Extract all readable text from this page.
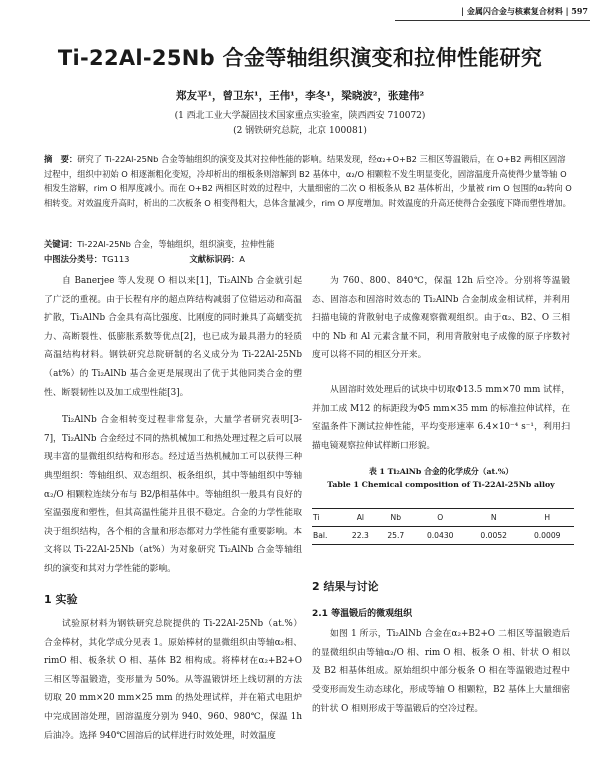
| 金属闪合金与核素复合材料 | 597
Ti-22Al-25Nb 合金等轴组织演变和拉伸性能研究
郑友平¹，曾卫东¹，王伟¹，李冬¹，梁晓波²，张建伟²
(1 西北工业大学凝固技术国家重点实验室，陕西西安 710072)
(2 钢铁研究总院，北京 100081)

摘　要：研究了 Ti-22Al-25Nb 合金等轴组织的演变及其对拉伸性能的影响。结果发现，经α₂+O+B2 三相区等温锻后，在 O+B2 两相区固溶过程中，组织中初始 O 相逐渐粗化变短，冷却析出的细板条则溶解到 B2 基体中，α₂/O 相颗粒不发生明显变化，固溶温度升高使得少量等轴 O 相发生溶解，rim O 相厚度减小。而在 O+B2 两相区时效的过程中，大量细密的二次 O 相板条从 B2 基体析出，少量被 rim O 包围的α₂转向 O 相转变。对效温度升高时，析出的二次板条 O 相变得粗大，总体含量减少，rim O 厚度增加。时效温度的升高还使得合金强度下降而塑性增加。

关键词：Ti-22Al-25Nb 合金，等轴组织，组织演变，拉伸性能
中图法分类号：TG113	文献标识码：A

自 Banerjee 等人发现 O 相以来[1]，Ti₂AlNb 合金就引起了广泛的重视。由于长程有序的超点阵结构减弱了位错运动和高温扩散，Ti₂AlNb 合金具有高比强度、比刚度的同时兼具了高蠕变抗力、高断裂性、低膨胀系数等优点[2]，也已成为最具潜力的轻质高温结构材料。钢铁研究总院研制的名义成分为 Ti-22Al-25Nb（at%）的 Ti₂AlNb 基合金更是展现出了优于其他同类合金的塑性、断裂韧性以及加工成型性能[3]。

Ti₂AlNb 合金相转变过程非常复杂，大量学者研究表明[3-7]，Ti₂AlNb 合金经过不同的热机械加工和热处理过程之后可以展现丰富的显微组织结构和形态。经过适当热机械加工可以获得三种典型组织：等轴组织、双态组织、板条组织，其中等轴组织中等轴α₂/O 相颗粒连续分布与 B2/β相基体中。等轴组织一般具有良好的室温强度和塑性，但其高温性能并且很不稳定。合金的力学性能取决于组织结构，各个相的含量和形态都对力学性能有重要影响。本文将以 Ti-22Al-25Nb（at%）为对象研究 Ti₂AlNb 合金等轴组织的演变和其对力学性能的影响。

1 实验

试验原材料为钢铁研究总院提供的 Ti-22Al-25Nb（at.%）合金棒材，其化学成分见表 1。原始棒材的显微组织由等轴α₂相、rimO 相、板条状 O 相、基体 B2 相构成。将棒材在α₂+B2+O 三相区等温锻造，变形量为 50%。从等温锻饼坯上线切割的方法切取 20 mm×20 mm×25 mm 的热处理试样，并在箱式电阻炉中完成固溶处理，固溶温度分别为 940、960、980℃，保温 1h 后油冷。选择 940℃固溶后的试样进行时效处理，时效温度

为 760、800、840℃，保温 12h 后空冷。分别将等温锻态、固溶态和固溶时效态的 Ti₂AlNb 合金制成金相试样，并利用扫描电镜的背散射电子成像观察微观组织。由于α₂、B2、O 三相中的 Nb 和 Al 元素含量不同，利用背散射电子成像的原子序数衬度可以将不同的相区分开来。

从固溶时效处理后的试块中切取Φ13.5 mm×70 mm 试样，并加工成 M12 的标距段为Φ5 mm×35 mm 的标准拉伸试样，在室温条件下测试拉伸性能，平均变形速率 6.4×10⁻⁴ s⁻¹，利用扫描电镜观察拉伸试样断口形貌。

表 1 Ti₂AlNb 合金的化学成分（at.%）
Table 1 Chemical composition of Ti-22Al-25Nb alloy
Ti	Al	Nb	O	N	H
Bal.	22.3	25.7	0.0430	0.0052	0.0009
2 结果与讨论
2.1 等温锻后的微观组织

如图 1 所示，Ti₂AlNb 合金在α₂+B2+O 二相区等温锻造后的显微组织由等轴α₂/O 相、rim O 相、板条 O 相、针状 O 相以及 B2 相基体组成。原始组织中部分板条 O 相在等温锻造过程中受变形而发生动态球化，形成等轴 O 相颗粒，B2 基体上大量细密的针状 O 相则形成于等温锻后的空冷过程。
